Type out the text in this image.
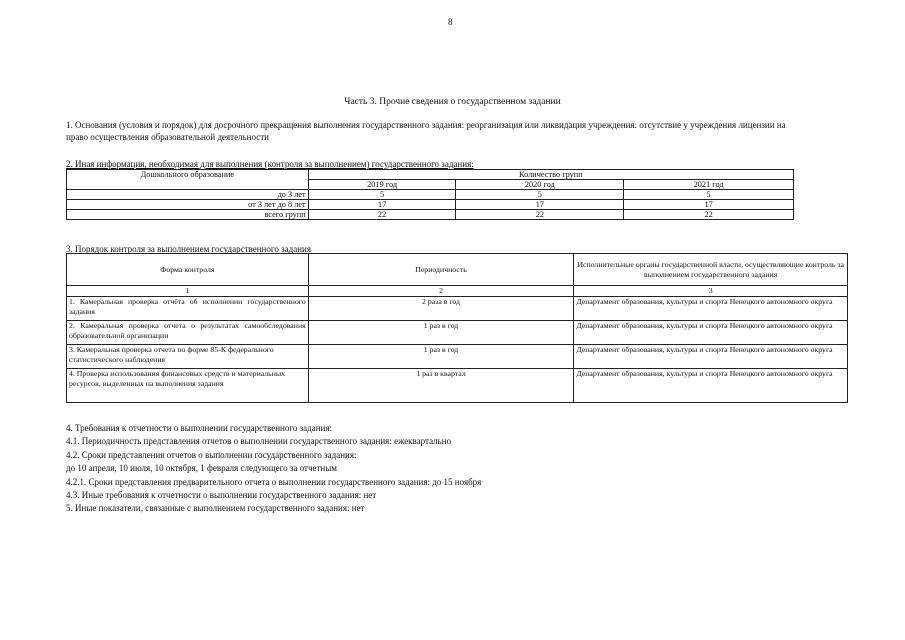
8
Часть 3. Прочие сведения о государственном задании
1. Основания (условия и порядок) для досрочного прекращения выполнения государственного задания: реорганизация или ликвидация учреждения: отсутствие у учреждения лицензии на право осуществления образовательной деятельности
2. Иная информация, необходимая для выполнения (контроля за выполнением) государственного задания:
Дошкольного образование	Количество групп		
	2019 год	2020 год	2021 год
до 3 лет	5	5	5
от 3 лет до 8 лет	17	17	17
всего групп	22	22	22
3. Порядок контроля за выполнением государственного задания
Форма контроля	Периодичность	Исполнительные органы государственной власти, осуществляющие контроль за выполнением государственного задания
1	2	3
1. Камеральная проверка отчёта об исполнении государственного задания	2 раза в год	Департамент образования, культуры и спорта Ненецкого автономного округа
2. Камеральная проверка отчета о результатах самообследования образовательной организации	1 раз в год	Департамент образования, культуры и спорта Ненецкого автономного округа
3. Камеральная проверка отчета по форме 85-К федерального статистического наблюдения	1 раз в год	Департамент образования, культуры и спорта Ненецкого автономного округа
4. Проверка использования финансовых средств и материальных ресурсов, выделенных на выполнения задания	1 раз в квартал	Департамент образования, культуры и спорта Ненецкого автономного округа
4. Требования к отчетности о выполнении государственного задания:
4.1. Периодичность представления отчетов о выполнении государственного задания: ежеквартально
4.2. Сроки представления отчетов о выполнении государственного задания:
до 10 апреля, 10 июля, 10 октября, 1 февраля следующего за отчетным
4.2.1. Сроки представления предварительного отчета о выполнении государственного задания: до 15 ноября
4.3. Иные требования к отчетности о выполнении государственного задания: нет
5. Иные показатели, связанные с выполнением государственного задания: нет
